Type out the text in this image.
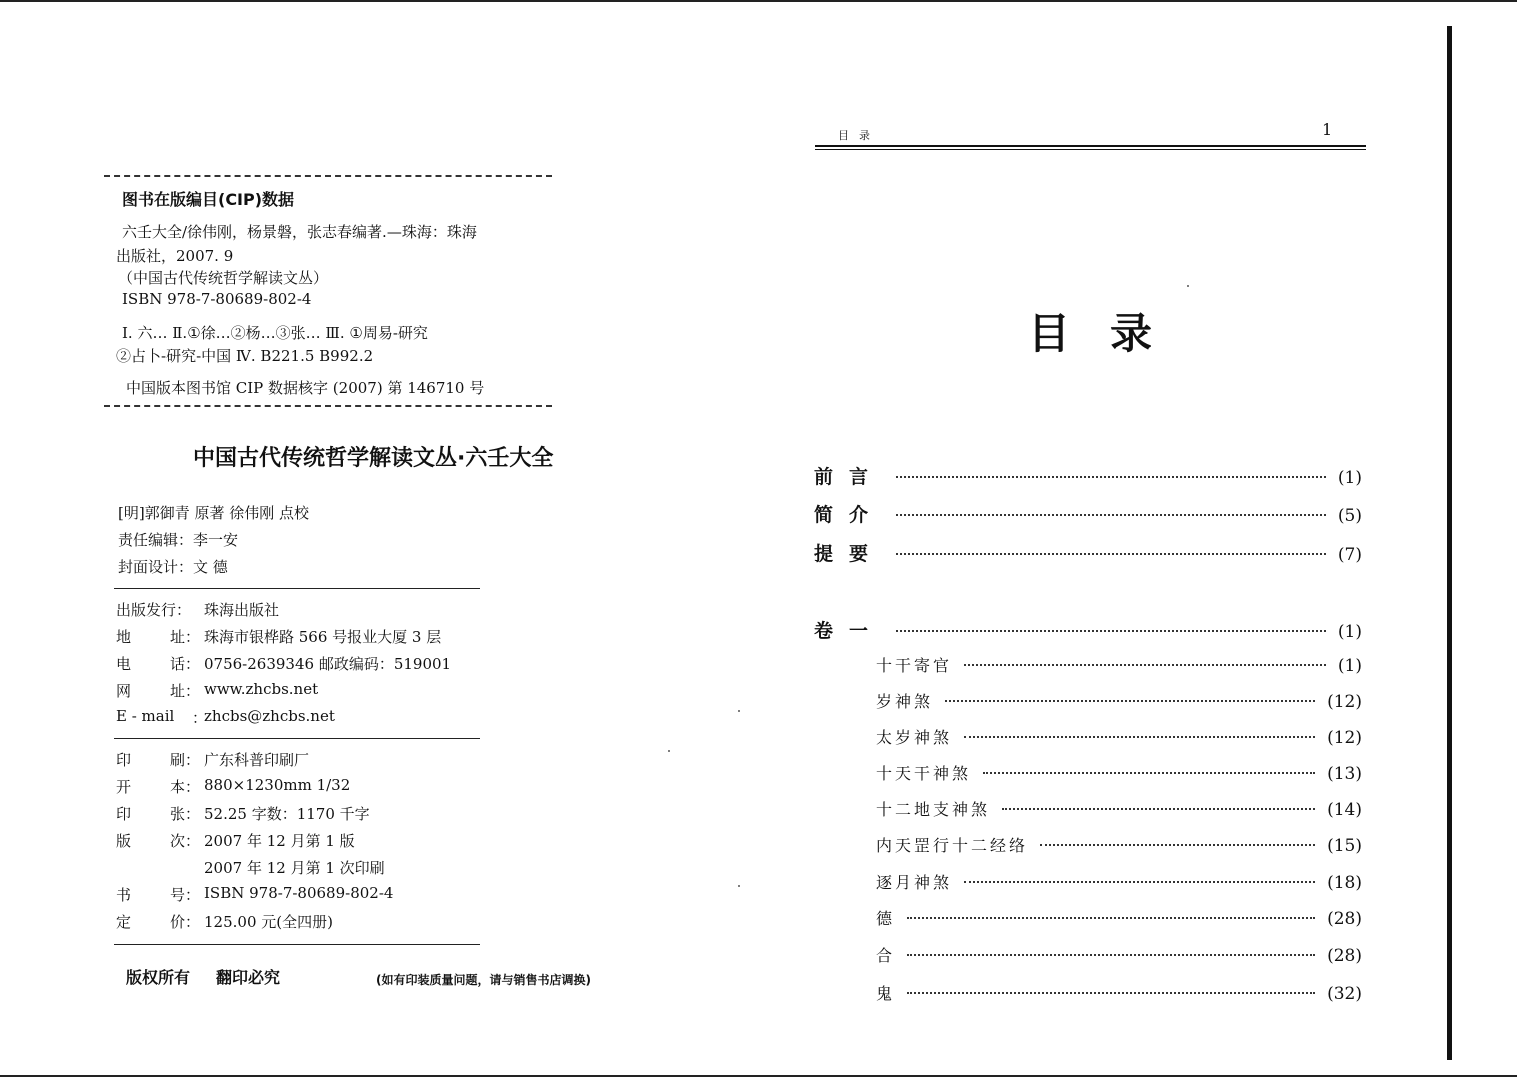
图书在版编目(CIP)数据
六壬大全/徐伟刚，杨景磐，张志春编著.—珠海：珠海
出版社，2007. 9
（中国古代传统哲学解读文丛）
ISBN 978-7-80689-802-4
Ⅰ. 六… Ⅱ.①徐…②杨…③张… Ⅲ. ①周易-研究
②占卜-研究-中国 Ⅳ. B221.5 B992.2
中国版本图书馆 CIP 数据核字 (2007) 第 146710 号
中国古代传统哲学解读文丛·六壬大全
[明]郭御青 原著 徐伟刚 点校
责任编辑：李一安
封面设计：文 德
出版发行： 珠海出版社
地	址： 珠海市银桦路 566 号报业大厦 3 层
电	话： 0756-2639346 邮政编码：519001
网	址： www.zhcbs.net
E - mail ：
zhcbs@zhcbs.net
印	刷： 广东科普印刷厂
开	本： 880×1230mm 1/32
印	张： 52.25 字数：1170 千字
版	次： 2007 年 12 月第 1 版
2007 年 12 月第 1 次印刷
书	号： ISBN 978-7-80689-802-4
定	价： 125.00 元(全四册)
版权所有 翻印必究	(如有印装质量问题，请与销售书店调换)
目录	1
目录
前言	(1)
简介	(5)
提要	(7)
卷一	(1)
十干寄官	(1)
岁神煞	(12)
太岁神煞	(12)
十天干神煞	(13)
十二地支神煞	(14)
内天罡行十二经络	(15)
逐月神煞	(18)
德	(28)
合	(28)
鬼	(32)
